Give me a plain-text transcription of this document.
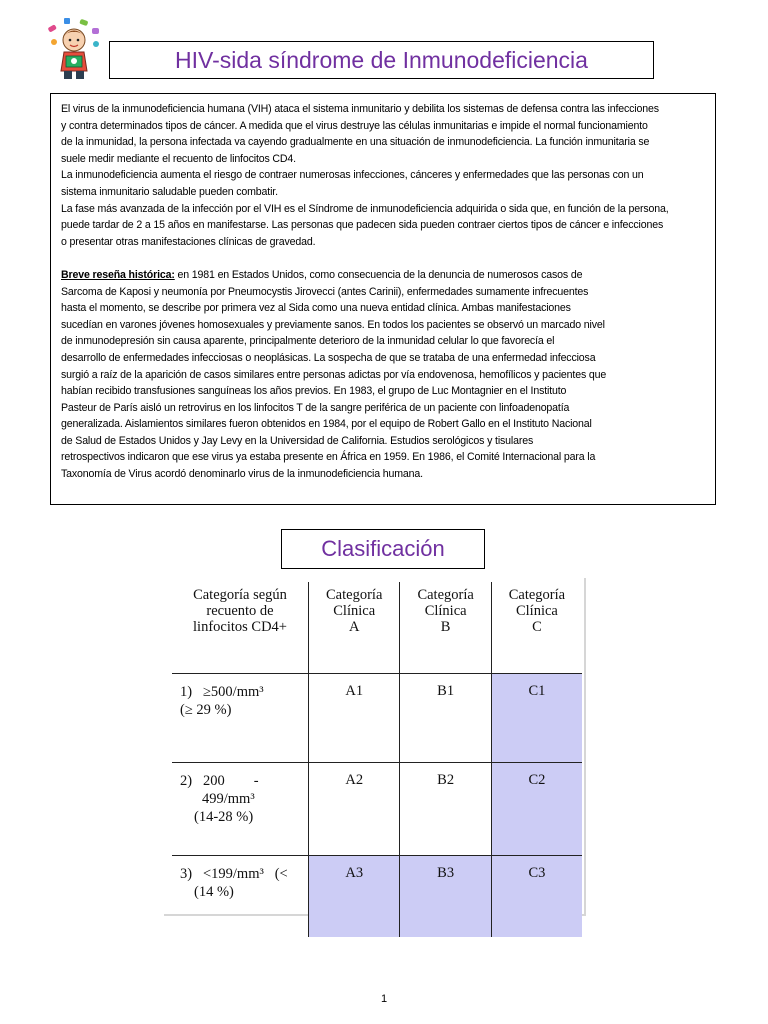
HIV-sida síndrome de Inmunodeficiencia

El virus de la inmunodeficiencia humana (VIH) ataca el sistema inmunitario y debilita los sistemas de defensa contra las infecciones

y contra determinados tipos de cáncer. A medida que el virus destruye las células inmunitarias e impide el normal funcionamiento

de la inmunidad, la persona infectada va cayendo gradualmente en una situación de inmunodeficiencia. La función inmunitaria se

suele medir mediante el recuento de linfocitos CD4.

La inmunodeficiencia aumenta el riesgo de contraer numerosas infecciones, cánceres y enfermedades que las personas con un

sistema inmunitario saludable pueden combatir.

La fase más avanzada de la infección por el VIH es el Síndrome de inmunodeficiencia adquirida o sida que, en función de la persona,

puede tardar de 2 a 15 años en manifestarse. Las personas que padecen sida pueden contraer ciertos tipos de cáncer e infecciones

o presentar otras manifestaciones clínicas de gravedad.

Breve reseña histórica: en 1981 en Estados Unidos, como consecuencia de la denuncia de numerosos casos de

Sarcoma de Kaposi y neumonía por Pneumocystis Jirovecci (antes Carinii), enfermedades sumamente infrecuentes

hasta el momento, se describe por primera vez al Sida como una nueva entidad clínica. Ambas manifestaciones

sucedían en varones jóvenes homosexuales y previamente sanos. En todos los pacientes se observó un marcado nivel

de inmunodepresión sin causa aparente, principalmente deterioro de la inmunidad celular lo que favorecía el

desarrollo de enfermedades infecciosas o neoplásicas. La sospecha de que se trataba de una enfermedad infecciosa

surgió a raíz de la aparición de casos similares entre personas adictas por vía endovenosa, hemofílicos y pacientes que

habían recibido transfusiones sanguíneas los años previos. En 1983, el grupo de Luc Montagnier en el Instituto

Pasteur de París aisló un retrovirus en los linfocitos T de la sangre periférica de un paciente con linfoadenopatía

generalizada. Aislamientos similares fueron obtenidos en 1984, por el equipo de Robert Gallo en el Instituto Nacional

de Salud de Estados Unidos y Jay Levy en la Universidad de California. Estudios serológicos y tisulares

retrospectivos indicaron que ese virus ya estaba presente en África en 1959. En 1986, el Comité Internacional para la

Taxonomía de Virus acordó denominarlo virus de la inmunodeficiencia humana.

Clasificación
Categoría según
recuento de
linfocitos CD4+	Categoría
Clínica
A	Categoría
Clínica
B	Categoría
Clínica
C
1)   ≥500/mm³
(≥ 29 %)	A1	B1	C1
2)   200        -
499/mm³
(14-28 %)	A2	B2	C2
3)   <199/mm³   (<
(14 %)	A3	B3	C3
1
